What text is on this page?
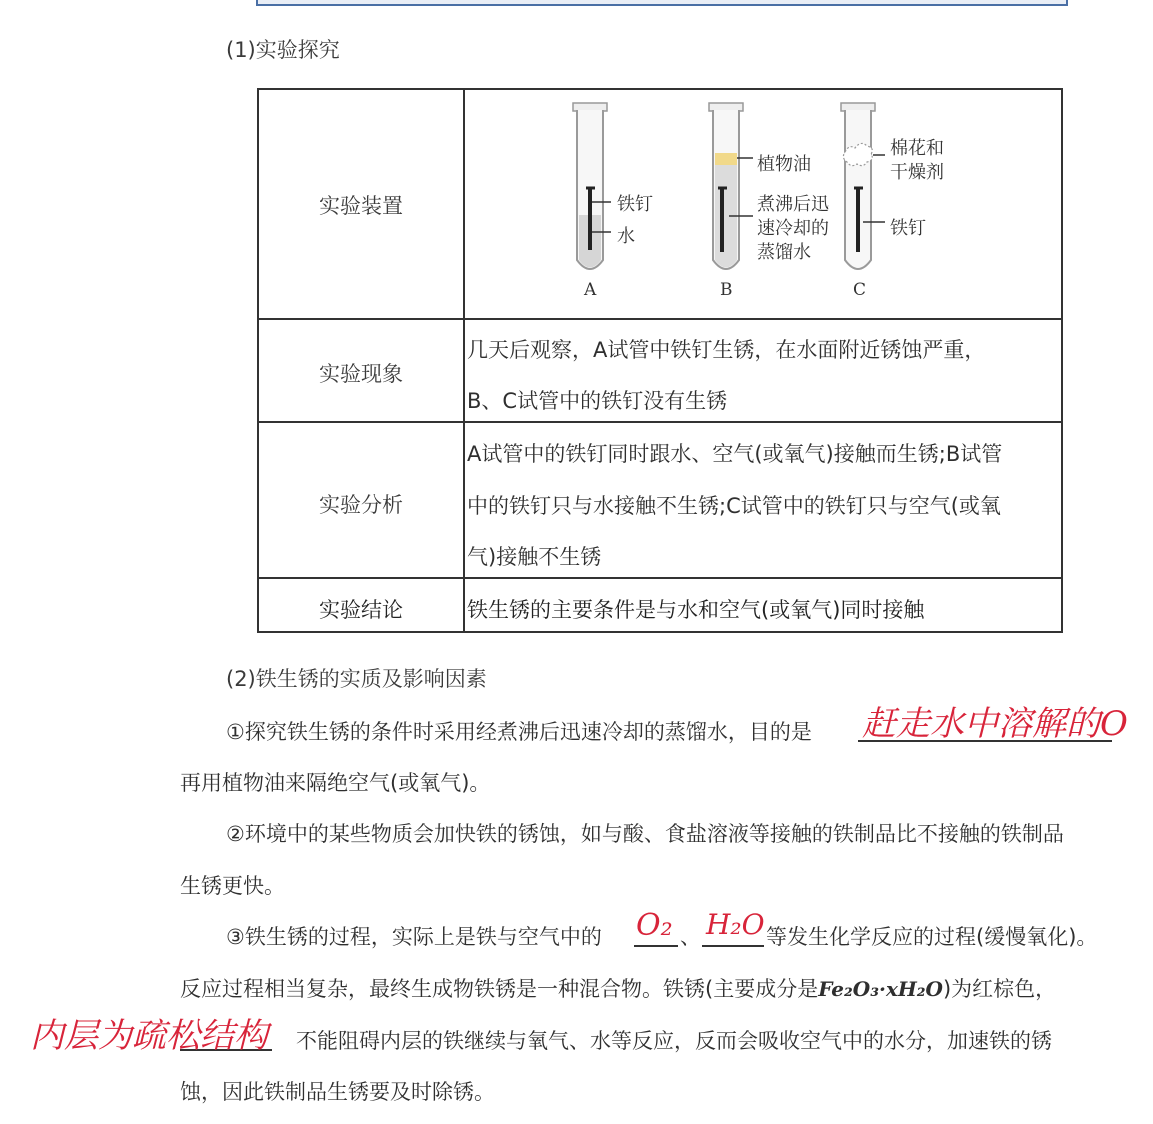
(1)实验探究
实验装置
实验现象
实验分析
实验结论
铁钉
水
A
植物油
煮沸后迅
速冷却的
蒸馏水
B
棉花和
干燥剂
铁钉
C
几天后观察，A试管中铁钉生锈，在水面附近锈蚀严重，
B、C试管中的铁钉没有生锈
A试管中的铁钉同时跟水、空气(或氧气)接触而生锈;B试管
中的铁钉只与水接触不生锈;C试管中的铁钉只与空气(或氧
气)接触不生锈
铁生锈的主要条件是与水和空气(或氧气)同时接触
(2)铁生锈的实质及影响因素
①探究铁生锈的条件时采用经煮沸后迅速冷却的蒸馏水，目的是 赶走水中溶解的O
再用植物油来隔绝空气(或氧气)。
②环境中的某些物质会加快铁的锈蚀，如与酸、食盐溶液等接触的铁制品比不接触的铁制品
生锈更快。
③铁生锈的过程，实际上是铁与空气中的 O₂ 、 H₂O 等发生化学反应的过程(缓慢氧化)。
反应过程相当复杂，最终生成物铁锈是一种混合物。铁锈(主要成分是Fe₂O₃·xH₂O)为红棕色，
内层为疏松结构 不能阻碍内层的铁继续与氧气、水等反应，反而会吸收空气中的水分，加速铁的锈
蚀，因此铁制品生锈要及时除锈。
